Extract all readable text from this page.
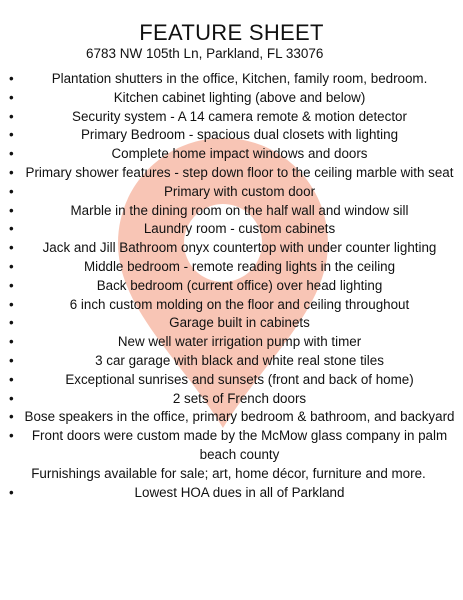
FEATURE SHEET
6783 NW 105th Ln, Parkland, FL 33076
•	Plantation shutters in the office, Kitchen, family room, bedroom.
•	Kitchen cabinet lighting (above and below)
•	Security system - A 14 camera remote & motion detector
•	Primary Bedroom - spacious dual closets with lighting
•	Complete home impact windows and doors
• Primary shower features - step down floor to the ceiling marble with seat
•	Primary with custom door
•	Marble in the dining room on the half wall and window sill
•	Laundry room - custom cabinets
• Jack and Jill Bathroom onyx countertop with under counter lighting
•	Middle bedroom - remote reading lights in the ceiling
•	Back bedroom (current office) over head lighting
•	6 inch custom molding on the floor and ceiling throughout
•	Garage built in cabinets
•	New well water irrigation pump with timer
•	3 car garage with black and white real stone tiles
•	Exceptional sunrises and sunsets (front and back of home)
•	2 sets of French doors
• Bose speakers in the office, primary bedroom & bathroom, and backyard
• Front doors were custom made by the McMow glass company in palm beach county
Furnishings available for sale; art, home décor, furniture and more.
•	Lowest HOA dues in all of Parkland
